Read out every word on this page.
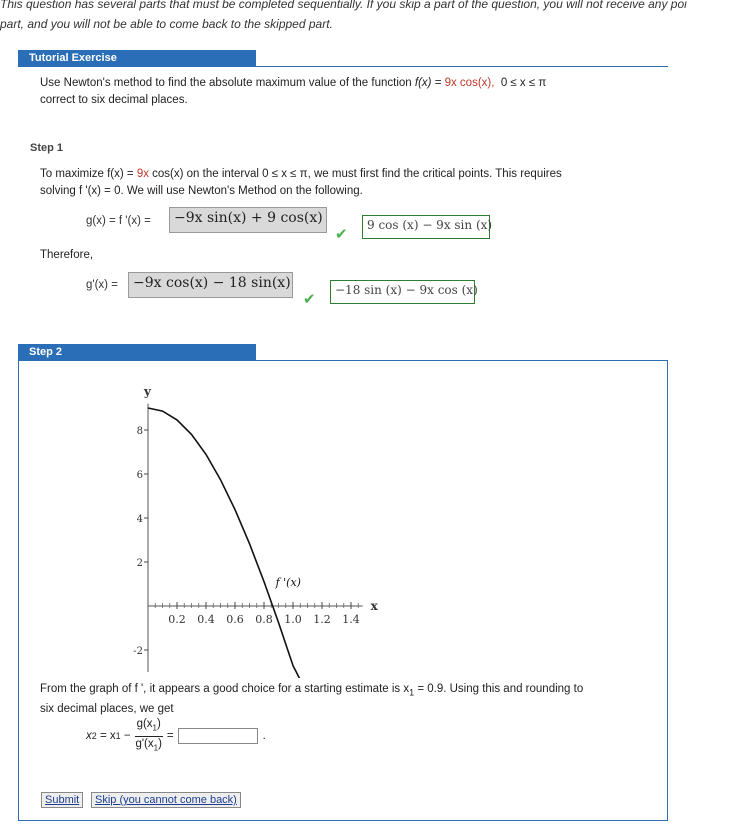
This question has several parts that must be completed sequentially. If you skip a part of the question, you will not receive any poi
part, and you will not be able to come back to the skipped part.
Tutorial Exercise
Use Newton's method to find the absolute maximum value of the function f(x) = 9x cos(x), 0 ≤ x ≤ π
correct to six decimal places.
Step 1
To maximize f(x) = 9x cos(x) on the interval 0 ≤ x ≤ π, we must first find the critical points. This requires
solving f '(x) = 0. We will use Newton's Method on the following.
g(x) = f '(x) =	−9x sin(x) + 9 cos(x)
✔
9 cos (x) − 9x sin (x)
Therefore,
g'(x) =	−9x cos(x) − 18 sin(x)
✔
−18 sin (x) − 9x cos (x)
Step 2
0.2 0.4 0.6 0.8 1.0 1.2 1.4
-2
2
4
6
8
y
x
f '(x)
From the graph of f ', it appears a good choice for a starting estimate is $x_1 = 0.9$. Using this and rounding to
six decimal places, we get
x 2 = x $1 - \frac{g(x_1)}{g'(x_1)}$ =	.
Submit	Skip (you cannot come back)
